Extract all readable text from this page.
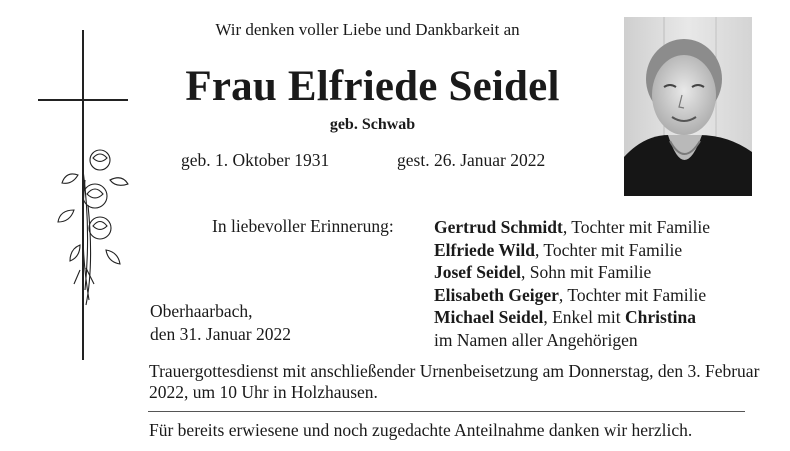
Wir denken voller Liebe und Dankbarkeit an
Frau Elfriede Seidel
geb. Schwab
geb. 1. Oktober 1931	gest. 26. Januar 2022
In liebevoller Erinnerung: Gertrud Schmidt, Tochter mit Familie
Elfriede Wild, Tochter mit Familie
Josef Seidel, Sohn mit Familie
Elisabeth Geiger, Tochter mit Familie
Michael Seidel, Enkel mit Christina
im Namen aller Angehörigen
Oberhaarbach,
den 31. Januar 2022
Trauergottesdienst mit anschließender Urnenbeisetzung am Donnerstag, den 3. Februar 2022, um 10 Uhr in Holzhausen.
Für bereits erwiesene und noch zugedachte Anteilnahme danken wir herzlich.
